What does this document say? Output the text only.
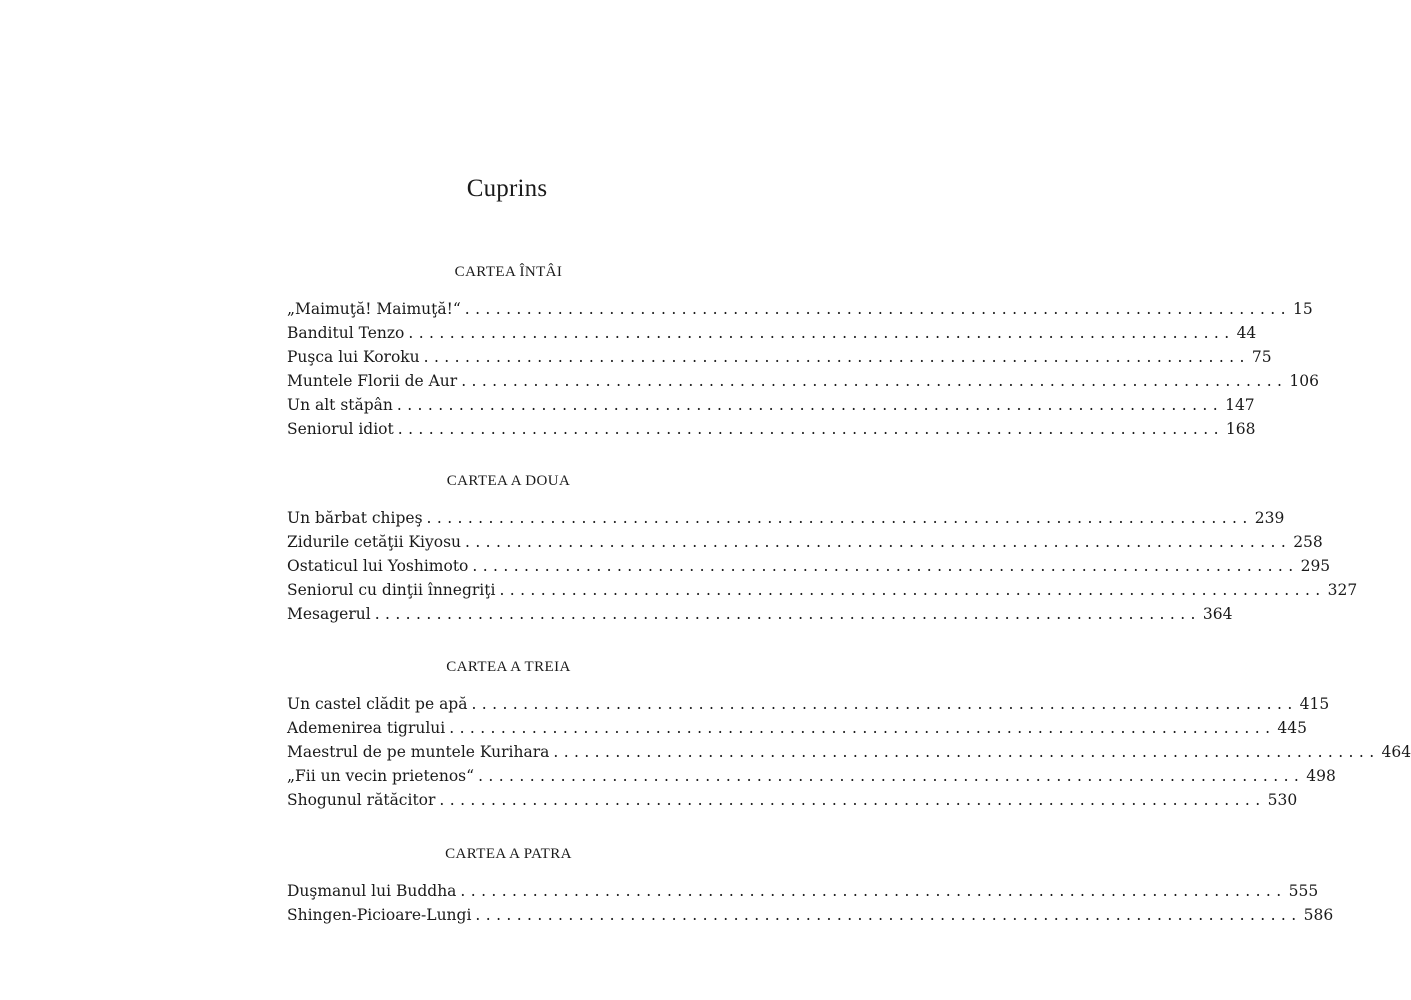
Cuprins
CARTEA ÎNTÂI
„Maimuţă! Maimuţă!“ ................................................................................ 15
Banditul Tenzo ................................................................................ 44
Puşca lui Koroku ................................................................................ 75
Muntele Florii de Aur ................................................................................ 106
Un alt stăpân ................................................................................ 147
Seniorul idiot ................................................................................ 168
CARTEA A DOUA
Un bărbat chipeş ................................................................................ 239
Zidurile cetăţii Kiyosu ................................................................................ 258
Ostaticul lui Yoshimoto ................................................................................ 295
Seniorul cu dinţii înnegriţi ................................................................................ 327
Mesagerul ................................................................................ 364
CARTEA A TREIA
Un castel clădit pe apă ................................................................................ 415
Ademenirea tigrului ................................................................................ 445
Maestrul de pe muntele Kurihara ................................................................................ 464
„Fii un vecin prietenos“ ................................................................................ 498
Shogunul rătăcitor ................................................................................ 530
CARTEA A PATRA
Duşmanul lui Buddha ................................................................................ 555
Shingen-Picioare-Lungi ................................................................................ 586
